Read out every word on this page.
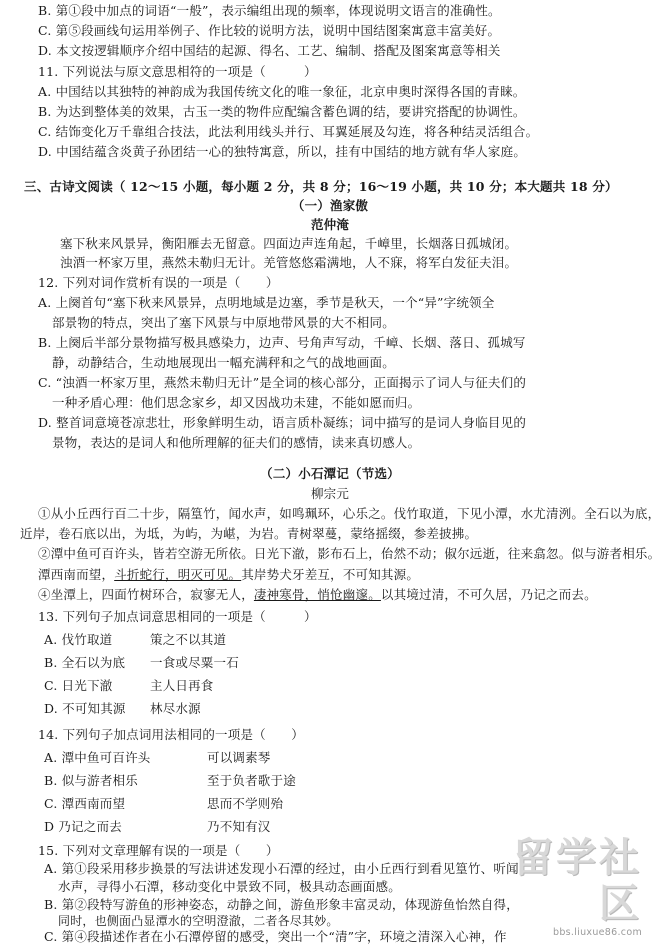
B. 第①段中加点的词语“一般”，表示编组出现的频率，体现说明文语言的准确性。
C. 第⑤段画线句运用举例子、作比较的说明方法，说明中国结图案寓意丰富美好。
D. 本文按逻辑顺序介绍中国结的起源、得名、工艺、编制、搭配及图案寓意等相关
11. 下列说法与原文意思相符的一项是（　　　）
A. 中国结以其独特的神韵成为我国传统文化的唯一象征，北京申奥时深得各国的青睐。
B. 为达到整体美的效果，古玉一类的物件应配编含蓄色调的结，要讲究搭配的协调性。
C. 结饰变化万千靠组合技法，此法利用线头并行、耳翼延展及勾连，将各种结灵活组合。
D. 中国结蕴含炎黄子孙团结一心的独特寓意，所以，挂有中国结的地方就有华人家庭。
三、古诗文阅读（ 12～15 小题，每小题 2 分，共 8 分；16～19 小题，共 10 分；本大题共 18 分）
（一）渔家傲
范仲淹
塞下秋来风景异，衡阳雁去无留意。四面边声连角起，千嶂里，长烟落日孤城闭。
浊酒一杯家万里，燕然未勒归无计。羌管悠悠霜满地，人不寐，将军白发征夫泪。
12. 下列对词作赏析有误的一项是（　　）
A. 上阕首句“塞下秋来风景异，点明地域是边塞，季节是秋天，一个“异”字统领全
部景物的特点，突出了塞下风景与中原地带风景的大不相同。
B. 上阕后半部分景物描写极具感染力，边声、号角声写动，千嶂、长烟、落日、孤城写
静，动静结合，生动地展现出一幅充满秤和之气的战地画面。
C. “浊酒一杯家万里，燕然未勒归无计”是全词的核心部分，正面揭示了词人与征夫们的
一种矛盾心理：他们思念家乡，却又因战功未建，不能如愿而归。
D. 整首词意境苍凉悲壮，形象鲜明生动，语言质朴凝练；词中描写的是词人身临目见的
景物，表达的是词人和他所理解的征夫们的感情，读来真切感人。
（二）小石潭记（节选）
柳宗元
①从小丘西行百二十步，隔篁竹，闻水声，如鸣珮环，心乐之。伐竹取道，下见小潭，水尤清洌。全石以为底，
近岸，卷石底以出，为坻，为屿，为嵁，为岩。青树翠蔓，蒙络摇缀，参差披拂。
②潭中鱼可百许头，皆若空游无所依。日光下澈，影布石上，佁然不动；俶尔远逝，往来翕忽。似与游者相乐。
潭西南而望，斗折蛇行，明灭可见。其岸势犬牙差互，不可知其源。
④坐潭上，四面竹树环合，寂寥无人，凄神寒骨，悄怆幽邃。以其境过清，不可久居，乃记之而去。
13. 下列句子加点词意思相同的一项是（　　　）
A. 伐竹取道	策之不以其道
B. 全石以为底 一食或尽粟一石
C. 日光下澈	主人日再食
D. 不可知其源 林尽水源
14. 下列句子加点词用法相同的一项是（　　）
A. 潭中鱼可百许头	可以调素琴
B. 似与游者相乐	至于负者歌于途
C. 潭西南而望	思而不学则殆
D 乃记之而去	乃不知有汉
15. 下列对文章理解有误的一项是（　　）
A. 第①段采用移步换景的写法讲述发现小石潭的经过，由小丘西行到看见篁竹、听闻
水声，寻得小石潭，移动变化中景致不同，极具动态画面感。
B. 第②段特写游鱼的形神姿态，动静之间，游鱼形象丰富灵动，体现游鱼怡然自得，
同时，也侧面凸显潭水的空明澄澈，二者各尽其妙。
C. 第④段描述作者在小石潭停留的感受，突出一个“清”字，环境之清深入心神，作
留学社区
bbs.liuxue86.com
